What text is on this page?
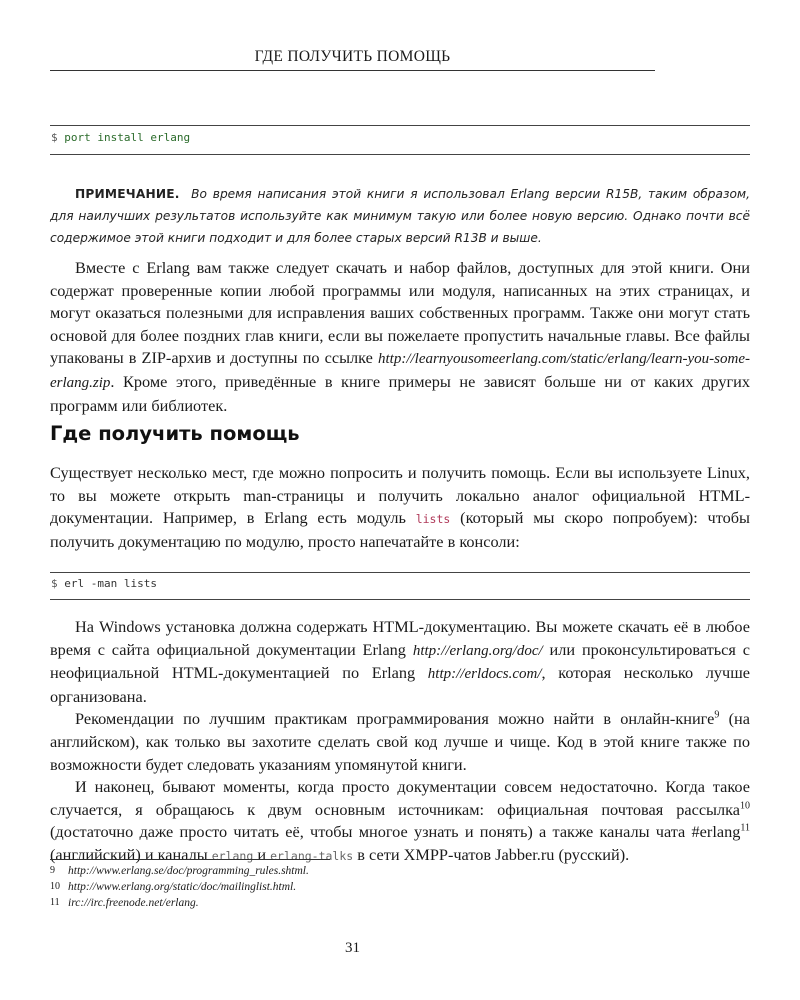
ГДЕ ПОЛУЧИТЬ ПОМОЩЬ
$ port install erlang
ПРИМЕЧАНИЕ. Во время написания этой книги я использовал Erlang версии R15B, таким образом, для наилучших результатов используйте как минимум такую или более новую версию. Однако почти всё содержимое этой книги подходит и для более старых версий R13B и выше.

Вместе с Erlang вам также следует скачать и набор файлов, доступных для этой книги. Они содержат проверенные копии любой программы или модуля, написанных на этих страницах, и могут оказаться полезными для исправления ваших собственных программ. Также они могут стать основой для более поздних глав книги, если вы пожелаете пропустить начальные главы. Все файлы упакованы в ZIP-архив и доступны по ссылке http://learnyousomeerlang.com/static/erlang/learn-you-some-erlang.zip. Кроме этого, приведённые в книге примеры не зависят больше ни от каких других программ или библиотек.

Где получить помощь

Существует несколько мест, где можно попросить и получить помощь. Если вы используете Linux, то вы можете открыть man-страницы и получить локально аналог официальной HTML-документации. Например, в Erlang есть модуль lists (который мы скоро попробуем): чтобы получить документацию по модулю, просто напечатайте в консоли:

$ erl -man lists

На Windows установка должна содержать HTML-документацию. Вы можете скачать её в любое время с сайта официальной документации Erlang http://erlang.org/doc/ или проконсультироваться с неофициальной HTML-документацией по Erlang http://erldocs.com/, которая несколько лучше организована.

Рекомендации по лучшим практикам программирования можно найти в онлайн-книге$^9$ (на английском), как только вы захотите сделать свой код лучше и чище. Код в этой книге также по возможности будет следовать указаниям упомянутой книги.

И наконец, бывают моменты, когда просто документации совсем недостаточно. Когда такое случается, я обращаюсь к двум основным источникам: официальная почтовая рассылка$^{10}$ (достаточно даже просто читать её, чтобы многое узнать и понять) а также каналы чата #erlang$^{11}$ (английский) и каналы erlang и erlang-talks в сети XMPP-чатов Jabber.ru (русский).

9 http://www.erlang.se/doc/programming_rules.shtml.
10 http://www.erlang.org/static/doc/mailinglist.html.
11 irc://irc.freenode.net/erlang.
31
